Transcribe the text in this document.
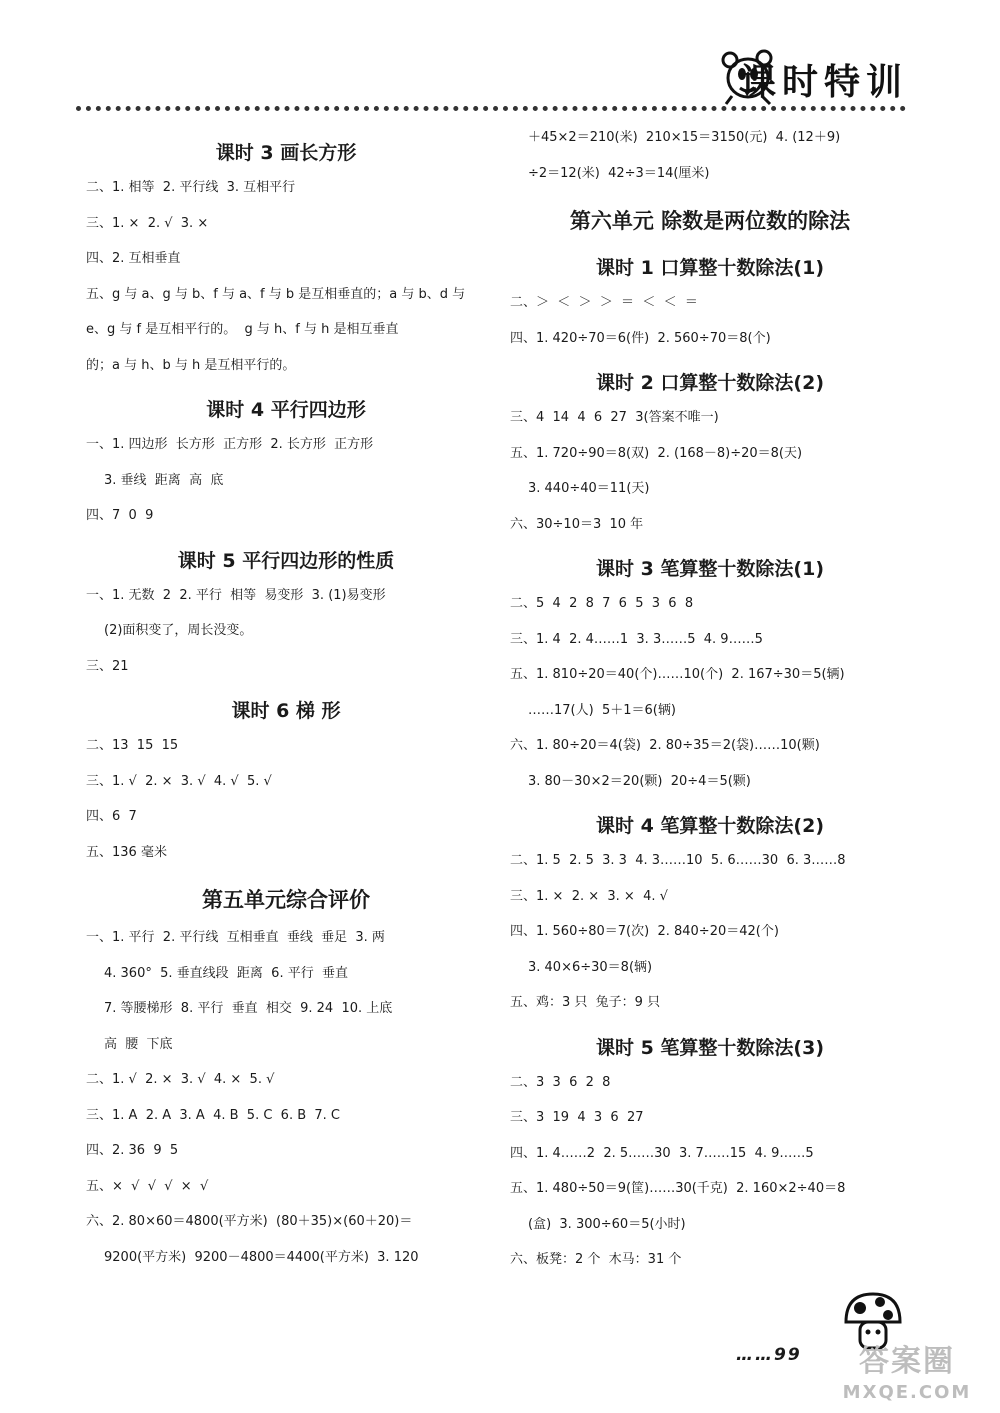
课时特训
课时 3 画长方形
二、1. 相等  2. 平行线  3. 互相平行
三、1. ×  2. √  3. ×
四、2. 互相垂直
五、g 与 a、g 与 b、f 与 a、f 与 b 是互相垂直的；a 与 b、d 与
e、g 与 f 是互相平行的。  g 与 h、f 与 h 是相互垂直
的；a 与 h、b 与 h 是互相平行的。
课时 4 平行四边形
一、1. 四边形  长方形  正方形  2. 长方形  正方形
3. 垂线  距离  高  底
四、7  0  9
课时 5 平行四边形的性质
一、1. 无数  2  2. 平行  相等  易变形  3. (1)易变形
(2)面积变了，周长没变。
三、21
课时 6 梯 形
二、13  15  15
三、1. √  2. ×  3. √  4. √  5. √
四、6  7
五、136 毫米
第五单元综合评价
一、1. 平行  2. 平行线  互相垂直  垂线  垂足  3. 两
4. 360°  5. 垂直线段  距离  6. 平行  垂直
7. 等腰梯形  8. 平行  垂直  相交  9. 24  10. 上底
高  腰  下底
二、1. √  2. ×  3. √  4. ×  5. √
三、1. A  2. A  3. A  4. B  5. C  6. B  7. C
四、2. 36  9  5
五、×  √  √  √  ×  √
六、2. 80×60＝4800(平方米)  (80＋35)×(60＋20)＝
9200(平方米)  9200－4800＝4400(平方米)  3. 120
＋45×2＝210(米)  210×15＝3150(元)  4. (12＋9)
÷2＝12(米)  42÷3＝14(厘米)
第六单元 除数是两位数的除法
课时 1 口算整十数除法(1)
二、＞  ＜  ＞  ＞  ＝  ＜  ＜  ＝
四、1. 420÷70＝6(件)  2. 560÷70＝8(个)
课时 2 口算整十数除法(2)
三、4  14  4  6  27  3(答案不唯一)
五、1. 720÷90＝8(双)  2. (168－8)÷20＝8(天)
3. 440÷40＝11(天)
六、30÷10＝3  10 年
课时 3 笔算整十数除法(1)
二、5  4  2  8  7  6  5  3  6  8
三、1. 4  2. 4……1  3. 3……5  4. 9……5
五、1. 810÷20＝40(个)……10(个)  2. 167÷30＝5(辆)
……17(人)  5＋1＝6(辆)
六、1. 80÷20＝4(袋)  2. 80÷35＝2(袋)……10(颗)
3. 80－30×2＝20(颗)  20÷4＝5(颗)
课时 4 笔算整十数除法(2)
二、1. 5  2. 5  3. 3  4. 3……10  5. 6……30  6. 3……8
三、1. ×  2. ×  3. ×  4. √
四、1. 560÷80＝7(次)  2. 840÷20＝42(个)
3. 40×6÷30＝8(辆)
五、鸡：3 只  兔子：9 只
课时 5 笔算整十数除法(3)
二、3  3  6  2  8
三、3  19  4  3  6  27
四、1. 4……2  2. 5……30  3. 7……15  4. 9……5
五、1. 480÷50＝9(筐)……30(千克)  2. 160×2÷40＝8
(盒)  3. 300÷60＝5(小时)
六、板凳：2 个  木马：31 个
……99	答案圈
MXQE.COM
